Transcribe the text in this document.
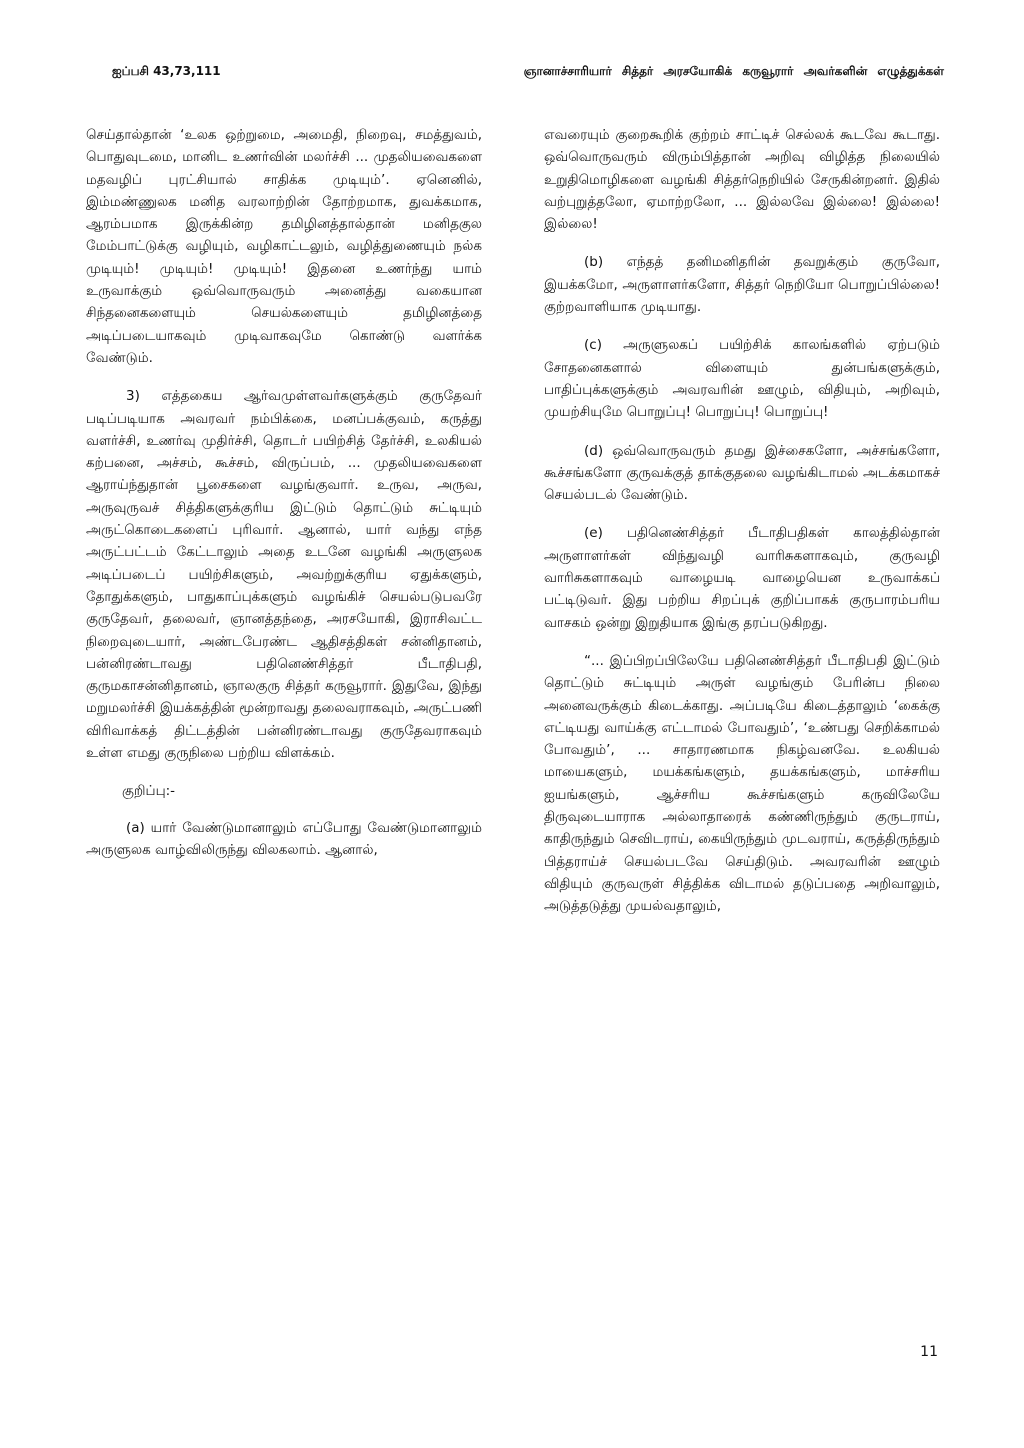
ஐப்பசி 43,73,111	ஞானாச்சாரியார் சித்தர் அரசயோகிக் கருவூரார் அவர்களின் எழுத்துக்கள்

செய்தால்தான் ‘உலக ஒற்றுமை, அமைதி, நிறைவு, சமத்துவம், பொதுவுடமை, மானிட உணர்வின் மலர்ச்சி ... முதலியவைகளை மதவழிப் புரட்சியால் சாதிக்க முடியும்’. ஏனெனில், இம்மண்ணுலக மனித வரலாற்றின் தோற்றமாக, துவக்கமாக, ஆரம்பமாக இருக்கின்ற தமிழினத்தால்தான் மனிதகுல மேம்பாட்டுக்கு வழியும், வழிகாட்டலும், வழித்துணையும் நல்க முடியும்! முடியும்! முடியும்! இதனை உணர்ந்து யாம் உருவாக்கும் ஒவ்வொருவரும் அனைத்து வகையான சிந்தனைகளையும் செயல்களையும் தமிழினத்தை அடிப்படையாகவும் முடிவாகவுமே கொண்டு வளர்க்க வேண்டும்.

3) எத்தகைய ஆர்வமுள்ளவர்களுக்கும் குருதேவர் படிப்படியாக அவரவர் நம்பிக்கை, மனப்பக்குவம், கருத்து வளர்ச்சி, உணர்வு முதிர்ச்சி, தொடர் பயிற்சித் தேர்ச்சி, உலகியல் கற்பனை, அச்சம், கூச்சம், விருப்பம், ... முதலியவைகளை ஆராய்ந்துதான் பூசைகளை வழங்குவார். உருவ, அருவ, அருவுருவச் சித்திகளுக்குரிய இட்டும் தொட்டும் சுட்டியும் அருட்கொடைகளைப் புரிவார். ஆனால், யார் வந்து எந்த அருட்பட்டம் கேட்டாலும் அதை உடனே வழங்கி அருளுலக அடிப்படைப் பயிற்சிகளும், அவற்றுக்குரிய ஏதுக்களும், தோதுக்களும், பாதுகாப்புக்களும் வழங்கிச் செயல்படுபவரே குருதேவர், தலைவர், ஞானத்தந்தை, அரசயோகி, இராசிவட்ட நிறைவுடையார், அண்டபேரண்ட ஆதிசத்திகள் சன்னிதானம், பன்னிரண்டாவது பதினெண்சித்தர் பீடாதிபதி, குருமகாசன்னிதானம், ஞாலகுரு சித்தர் கருவூரார். இதுவே, இந்து மறுமலர்ச்சி இயக்கத்தின் மூன்றாவது தலைவராகவும், அருட்பணி விரிவாக்கத் திட்டத்தின் பன்னிரண்டாவது குருதேவராகவும் உள்ள எமது குருநிலை பற்றிய விளக்கம்.

குறிப்பு:-

(a) யார் வேண்டுமானாலும் எப்போது வேண்டுமானாலும் அருளுலக வாழ்விலிருந்து விலகலாம். ஆனால்,

எவரையும் குறைகூறிக் குற்றம் சாட்டிச் செல்லக் கூடவே கூடாது. ஒவ்வொருவரும் விரும்பித்தான் அறிவு விழித்த நிலையில் உறுதிமொழிகளை வழங்கி சித்தர்நெறியில் சேருகின்றனர். இதில் வற்புறுத்தலோ, ஏமாற்றலோ, ... இல்லவே இல்லை! இல்லை! இல்லை!

(b) எந்தத் தனிமனிதரின் தவறுக்கும் குருவோ, இயக்கமோ, அருளாளர்களோ, சித்தர் நெறியோ பொறுப்பில்லை! குற்றவாளியாக முடியாது.

(c) அருளுலகப் பயிற்சிக் காலங்களில் ஏற்படும் சோதனைகளால் விளையும் துன்பங்களுக்கும், பாதிப்புக்களுக்கும் அவரவரின் ஊழும், விதியும், அறிவும், முயற்சியுமே பொறுப்பு! பொறுப்பு! பொறுப்பு!

(d) ஒவ்வொருவரும் தமது இச்சைகளோ, அச்சங்களோ, கூச்சங்களோ குருவக்குத் தாக்குதலை வழங்கிடாமல் அடக்கமாகச் செயல்படல் வேண்டும்.

(e) பதினெண்சித்தர் பீடாதிபதிகள் காலத்தில்தான் அருளாளர்கள் விந்துவழி வாரிசுகளாகவும், குருவழி வாரிசுகளாகவும் வாழையடி வாழையென உருவாக்கப் பட்டிடுவர். இது பற்றிய சிறப்புக் குறிப்பாகக் குருபாரம்பரிய வாசகம் ஒன்று இறுதியாக இங்கு தரப்படுகிறது.

“... இப்பிறப்பிலேயே பதினெண்சித்தர் பீடாதிபதி இட்டும் தொட்டும் சுட்டியும் அருள் வழங்கும் பேரின்ப நிலை அனைவருக்கும் கிடைக்காது. அப்படியே கிடைத்தாலும் ‘கைக்கு எட்டியது வாய்க்கு எட்டாமல் போவதும்’, ‘உண்பது செறிக்காமல் போவதும்’, ... சாதாரணமாக நிகழ்வனவே. உலகியல் மாயைகளும், மயக்கங்களும், தயக்கங்களும், மாச்சரிய ஐயங்களும், ஆச்சரிய கூச்சங்களும் கருவிலேயே திருவுடையாராக அல்லாதாரைக் கண்ணிருந்தும் குருடராய், காதிருந்தும் செவிடராய், கையிருந்தும் முடவராய், கருத்திருந்தும் பித்தராய்ச் செயல்படவே செய்திடும். அவரவரின் ஊழும் விதியும் குருவருள் சித்திக்க விடாமல் தடுப்பதை அறிவாலும், அடுத்தடுத்து முயல்வதாலும்,

11
